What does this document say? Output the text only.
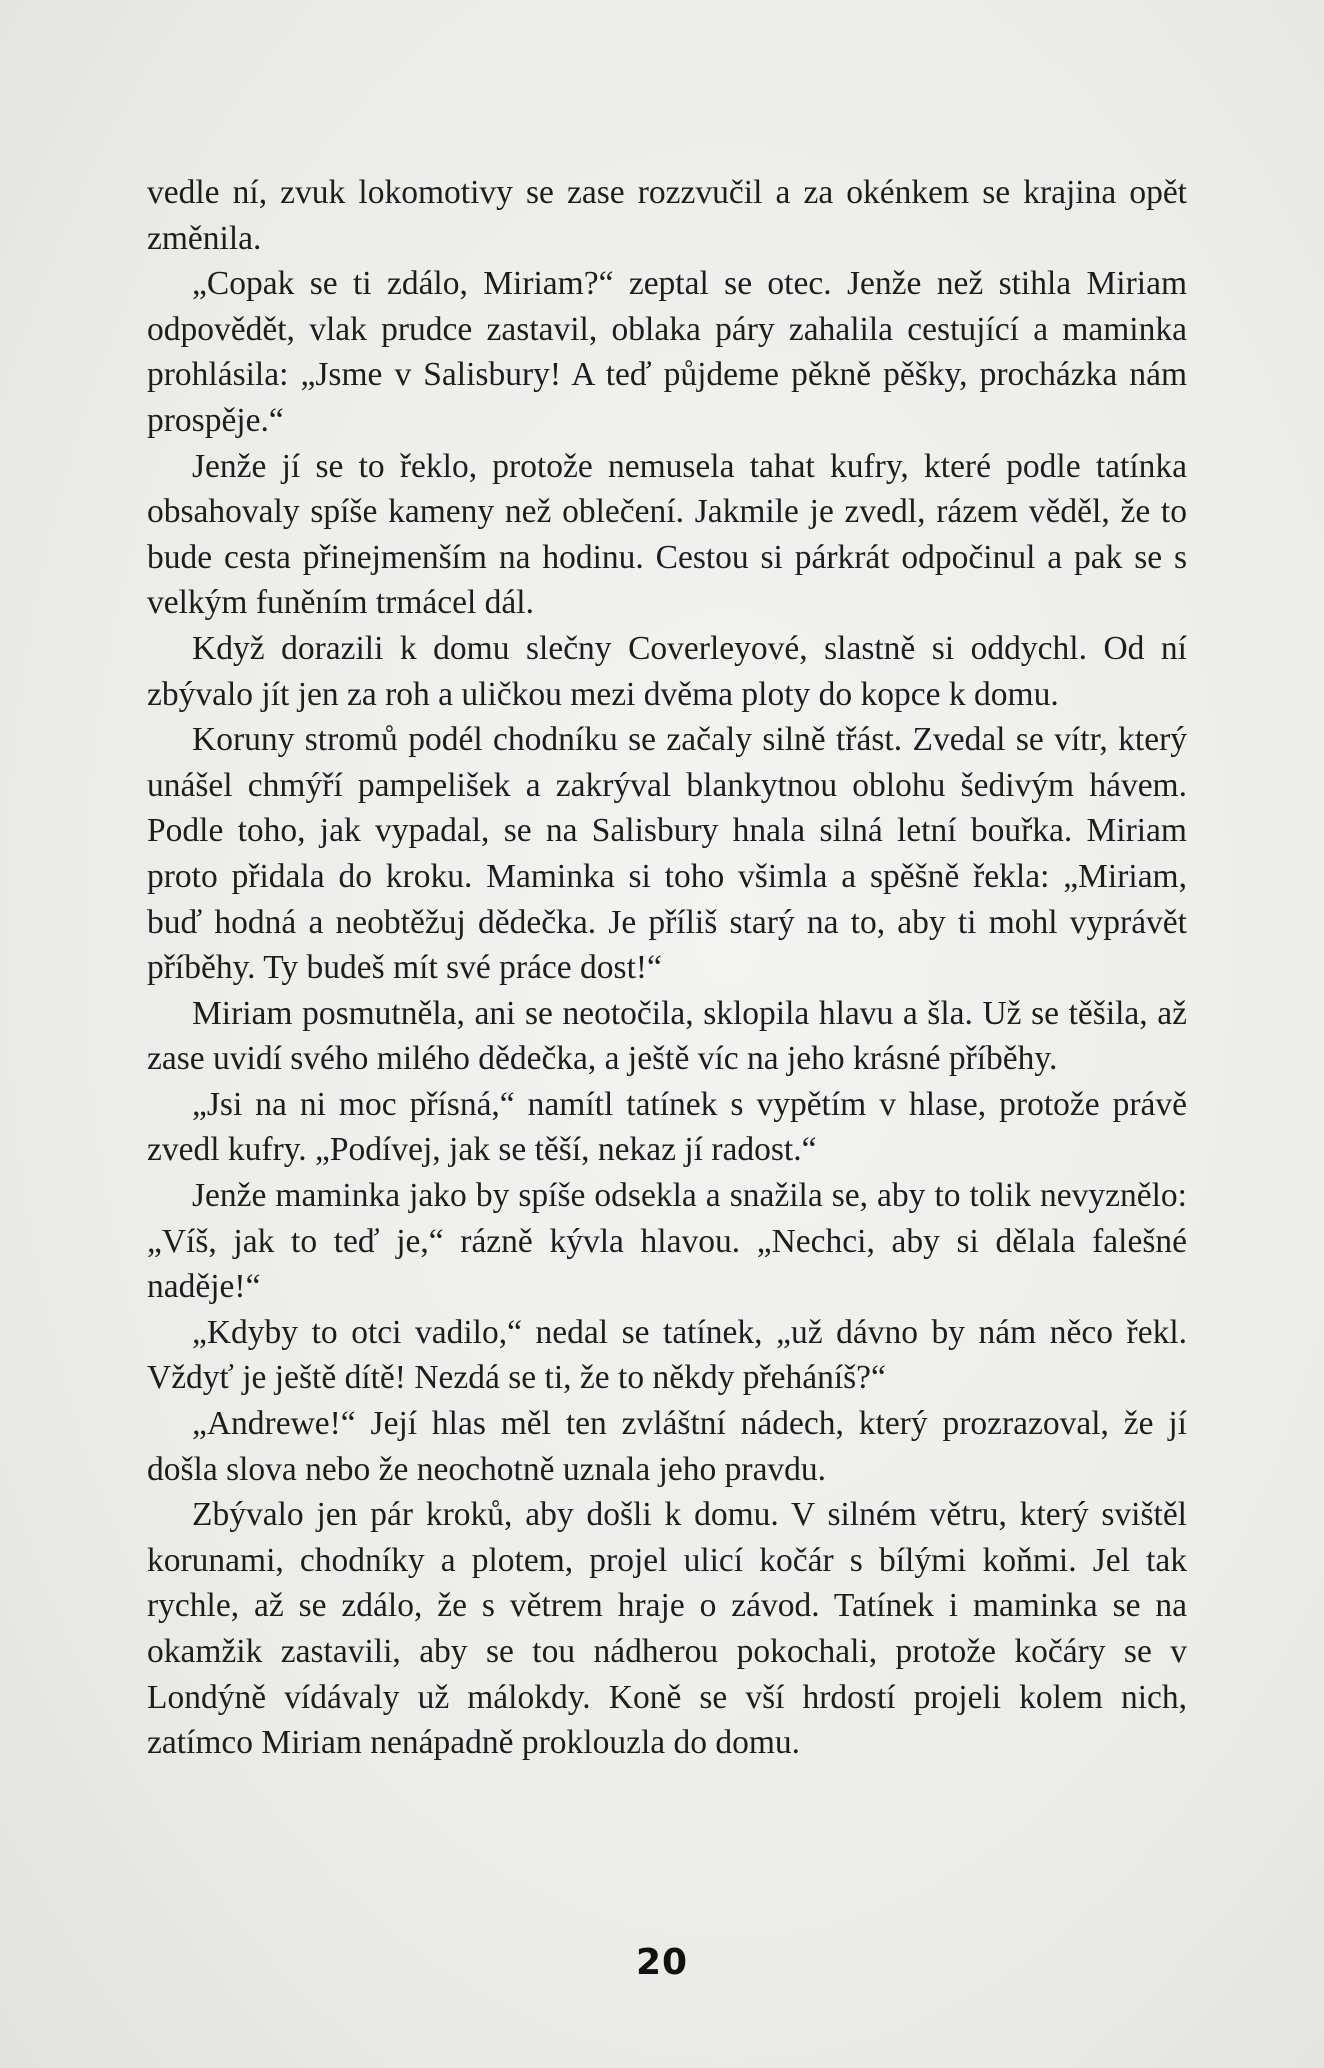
vedle ní, zvuk lokomotivy se zase rozzvučil a za okénkem se krajina opět změnila.

„Copak se ti zdálo, Miriam?“ zeptal se otec. Jenže než stihla Miriam odpovědět, vlak prudce zastavil, oblaka páry zahalila cestující a maminka prohlásila: „Jsme v Salisbury! A teď půjdeme pěkně pěšky, procházka nám prospěje.“

Jenže jí se to řeklo, protože nemusela tahat kufry, které podle tatínka obsahovaly spíše kameny než oblečení. Jakmile je zvedl, rázem věděl, že to bude cesta přinejmenším na hodinu. Cestou si párkrát odpočinul a pak se s velkým funěním trmácel dál.

Když dorazili k domu slečny Coverleyové, slastně si oddychl. Od ní zbývalo jít jen za roh a uličkou mezi dvěma ploty do kopce k domu.

Koruny stromů podél chodníku se začaly silně třást. Zvedal se vítr, který unášel chmýří pampelišek a zakrýval blankytnou oblohu šedivým hávem. Podle toho, jak vypadal, se na Salisbury hnala silná letní bouřka. Miriam proto přidala do kroku. Maminka si toho všimla a spěšně řekla: „Miriam, buď hodná a neobtěžuj dědečka. Je příliš starý na to, aby ti mohl vyprávět příběhy. Ty budeš mít své práce dost!“

Miriam posmutněla, ani se neotočila, sklopila hlavu a šla. Už se těšila, až zase uvidí svého milého dědečka, a ještě víc na jeho krásné příběhy.

„Jsi na ni moc přísná,“ namítl tatínek s vypětím v hlase, protože právě zvedl kufry. „Podívej, jak se těší, nekaz jí radost.“

Jenže maminka jako by spíše odsekla a snažila se, aby to tolik nevyznělo: „Víš, jak to teď je,“ rázně kývla hlavou. „Nechci, aby si dělala falešné naděje!“

„Kdyby to otci vadilo,“ nedal se tatínek, „už dávno by nám něco řekl. Vždyť je ještě dítě! Nezdá se ti, že to někdy přeháníš?“

„Andrewe!“ Její hlas měl ten zvláštní nádech, který prozrazoval, že jí došla slova nebo že neochotně uznala jeho pravdu.

Zbývalo jen pár kroků, aby došli k domu. V silném větru, který svištěl korunami, chodníky a plotem, projel ulicí kočár s bílými koňmi. Jel tak rychle, až se zdálo, že s větrem hraje o závod. Tatínek i maminka se na okamžik zastavili, aby se tou nádherou pokochali, protože kočáry se v Londýně vídávaly už málokdy. Koně se vší hrdostí projeli kolem nich, zatímco Miriam nenápadně proklouzla do domu.

20
